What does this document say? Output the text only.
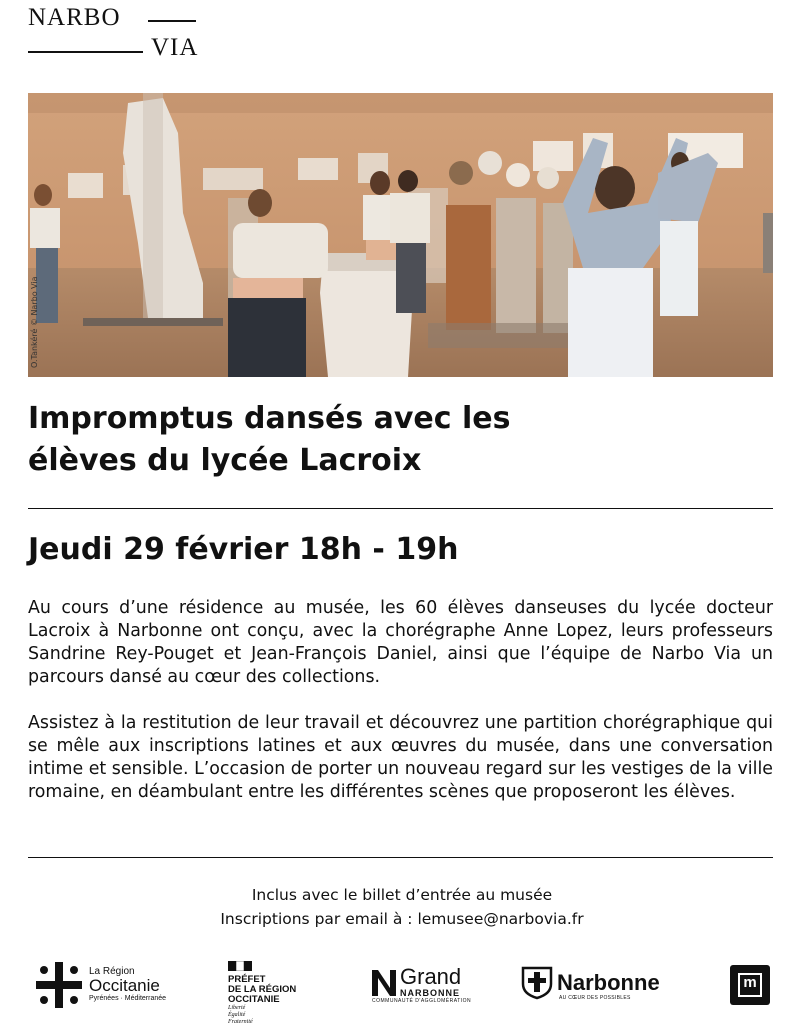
NARBO
VIA
O.Tankéré © Narbo Via
Impromptus dansés avec les
élèves du lycée Lacroix
Jeudi 29 février 18h - 19h

Au cours d’une résidence au musée, les 60 élèves danseuses du lycée docteur Lacroix à Narbonne ont conçu, avec la chorégraphe Anne Lopez, leurs professeurs Sandrine Rey-Pouget et Jean-François Daniel, ainsi que l’équipe de Narbo Via un parcours dansé au cœur des collections.

Assistez à la restitution de leur travail et découvrez une partition chorégraphique qui se mêle aux inscriptions latines et aux œuvres du musée, dans une conversation intime et sensible. L’occasion de porter un nouveau regard sur les vestiges de la ville romaine, en déambulant entre les différentes scènes que proposeront les élèves.

Inclus avec le billet d’entrée au musée
Inscriptions par email à : lemusee@narbovia.fr
La Région
Occitanie
Pyrénées · Méditerranée
PRÉFET
DE LA RÉGION
OCCITANIE
Liberté
Égalité
Fraternité
Grand
NARBONNE
COMMUNAUTÉ D'AGGLOMÉRATION
Narbonne
AU CŒUR DES POSSIBLES
m
